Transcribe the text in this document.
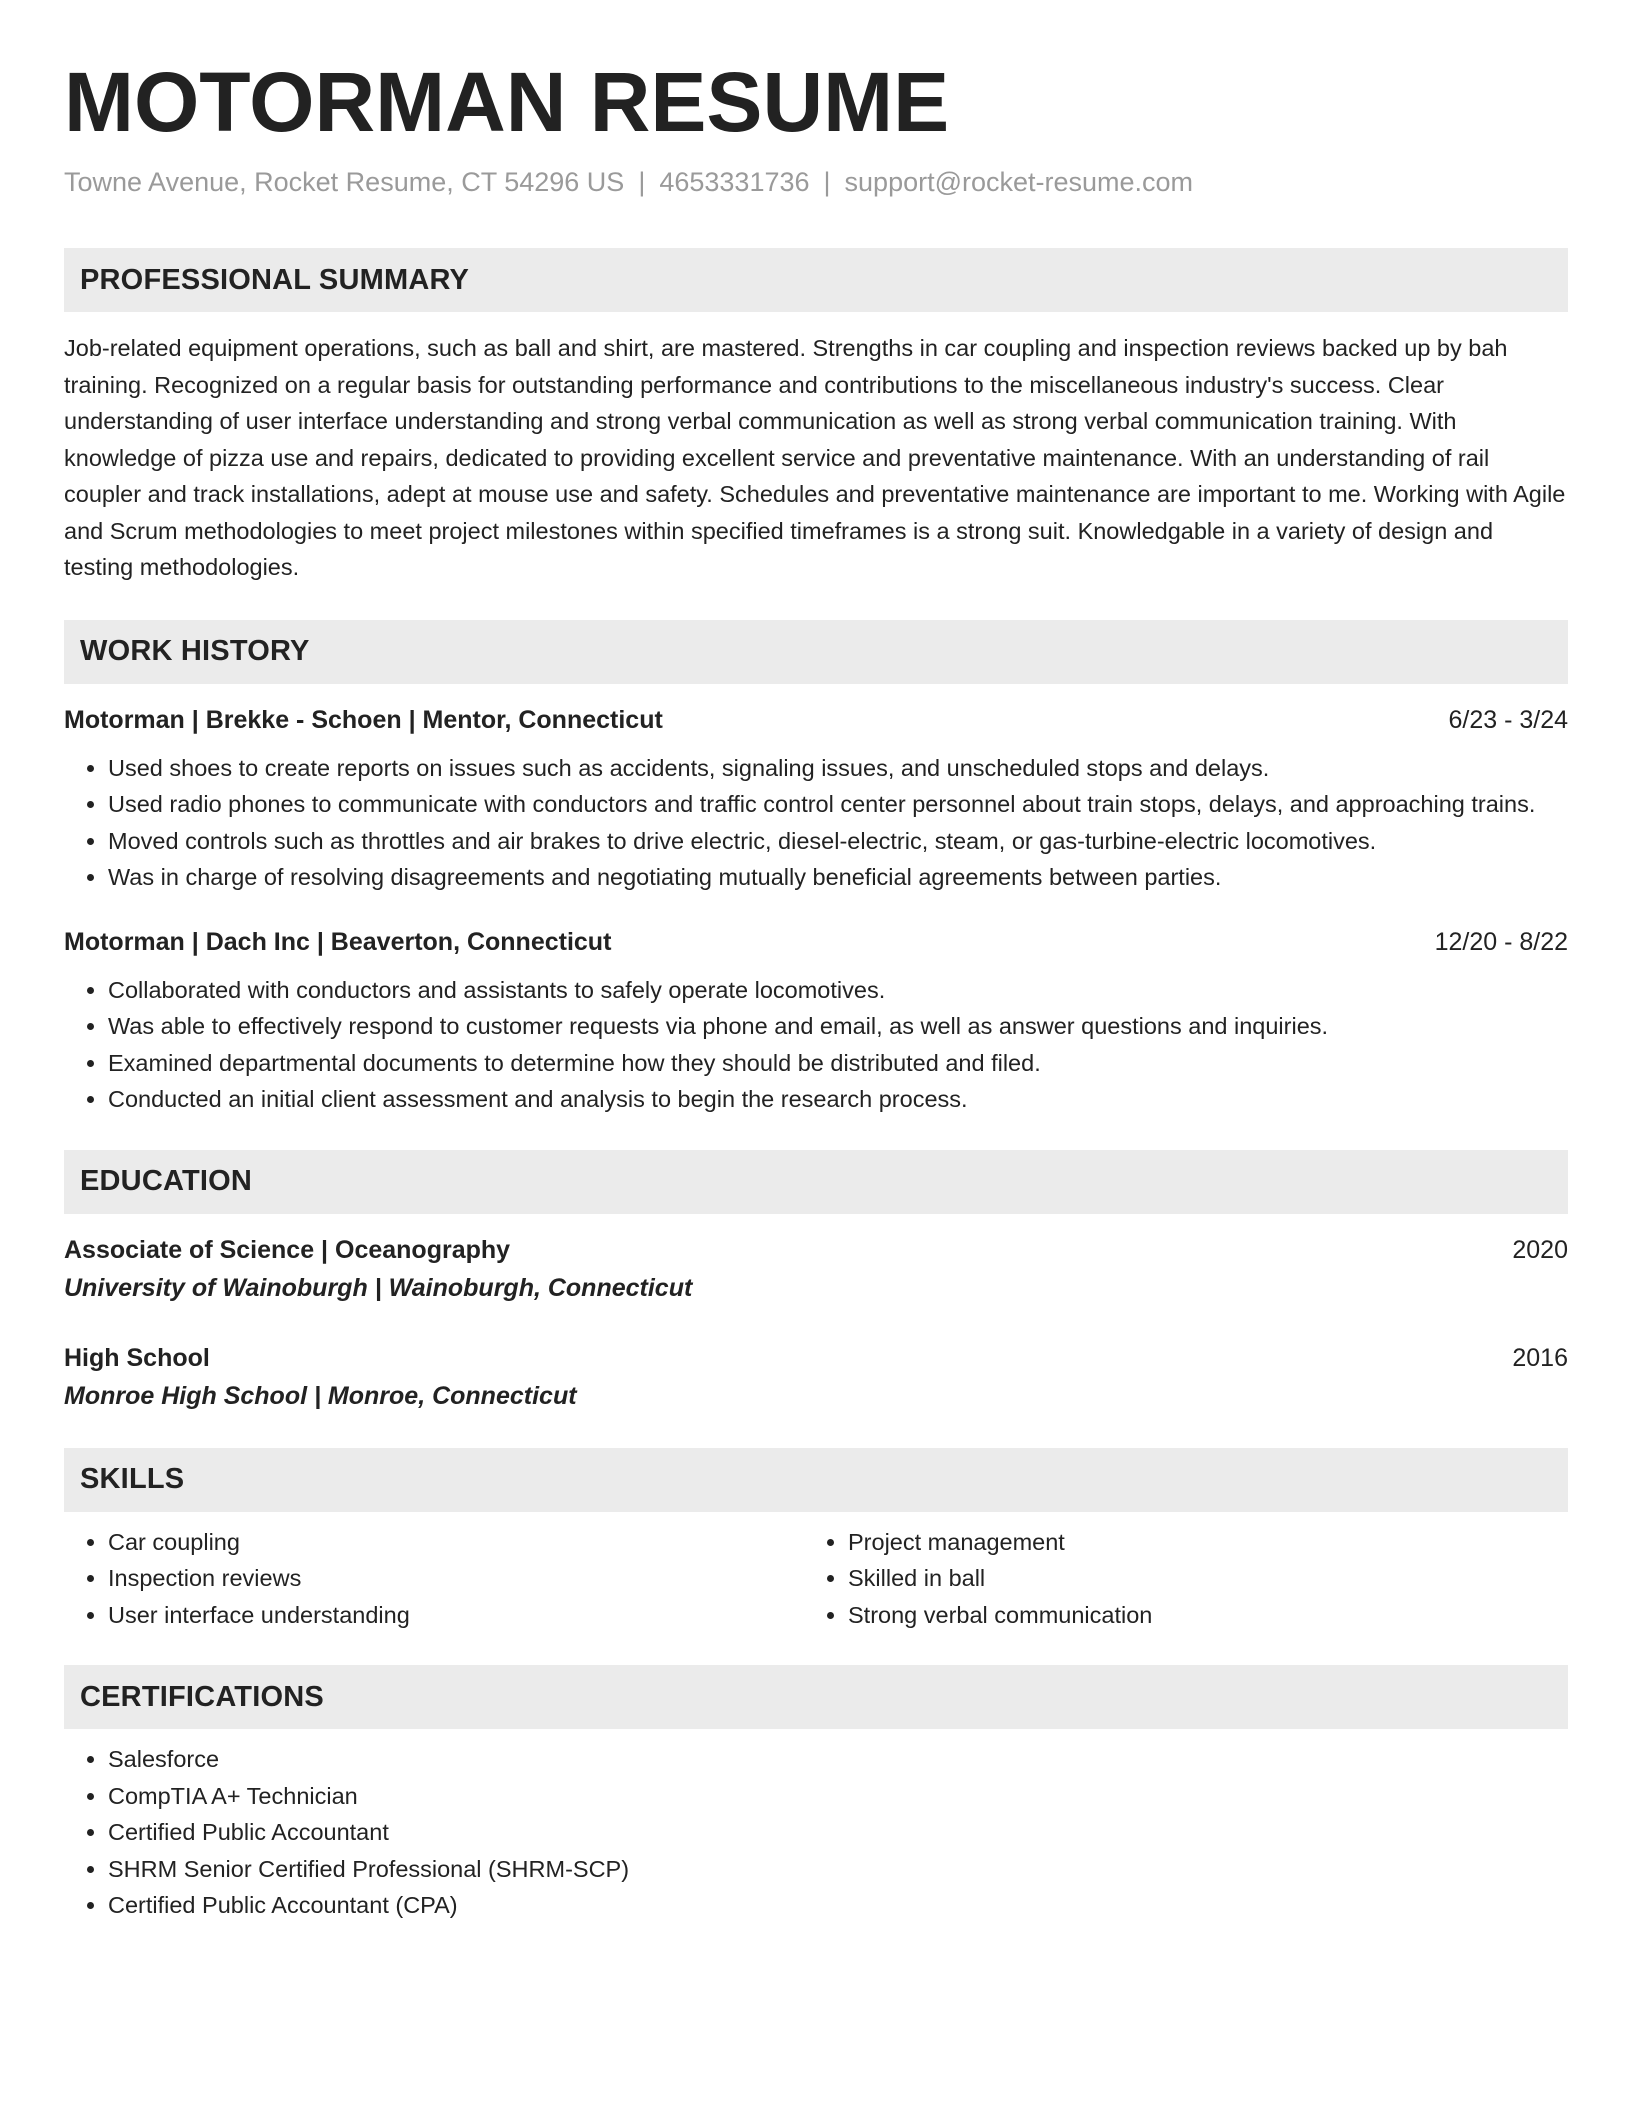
MOTORMAN RESUME
Towne Avenue, Rocket Resume, CT 54296 US | 4653331736 | support@rocket-resume.com
PROFESSIONAL SUMMARY
Job-related equipment operations, such as ball and shirt, are mastered. Strengths in car coupling and inspection reviews backed up by bah training. Recognized on a regular basis for outstanding performance and contributions to the miscellaneous industry's success. Clear understanding of user interface understanding and strong verbal communication as well as strong verbal communication training. With knowledge of pizza use and repairs, dedicated to providing excellent service and preventative maintenance. With an understanding of rail coupler and track installations, adept at mouse use and safety. Schedules and preventative maintenance are important to me. Working with Agile and Scrum methodologies to meet project milestones within specified timeframes is a strong suit. Knowledgable in a variety of design and testing methodologies.
WORK HISTORY
Motorman | Brekke - Schoen | Mentor, Connecticut	6/23 - 3/24
• Used shoes to create reports on issues such as accidents, signaling issues, and unscheduled stops and delays.
• Used radio phones to communicate with conductors and traffic control center personnel about train stops, delays, and approaching trains.
• Moved controls such as throttles and air brakes to drive electric, diesel-electric, steam, or gas-turbine-electric locomotives.
• Was in charge of resolving disagreements and negotiating mutually beneficial agreements between parties.
Motorman | Dach Inc | Beaverton, Connecticut	12/20 - 8/22
• Collaborated with conductors and assistants to safely operate locomotives.
• Was able to effectively respond to customer requests via phone and email, as well as answer questions and inquiries.
• Examined departmental documents to determine how they should be distributed and filed.
• Conducted an initial client assessment and analysis to begin the research process.
EDUCATION
Associate of Science | Oceanography
University of Wainoburgh | Wainoburgh, Connecticut
2020
High School
Monroe High School | Monroe, Connecticut
2016
SKILLS
• Car coupling
• Inspection reviews
• User interface understanding
• Project management
• Skilled in ball
• Strong verbal communication
CERTIFICATIONS
• Salesforce
• CompTIA A+ Technician
• Certified Public Accountant
• SHRM Senior Certified Professional (SHRM-SCP)
• Certified Public Accountant (CPA)
